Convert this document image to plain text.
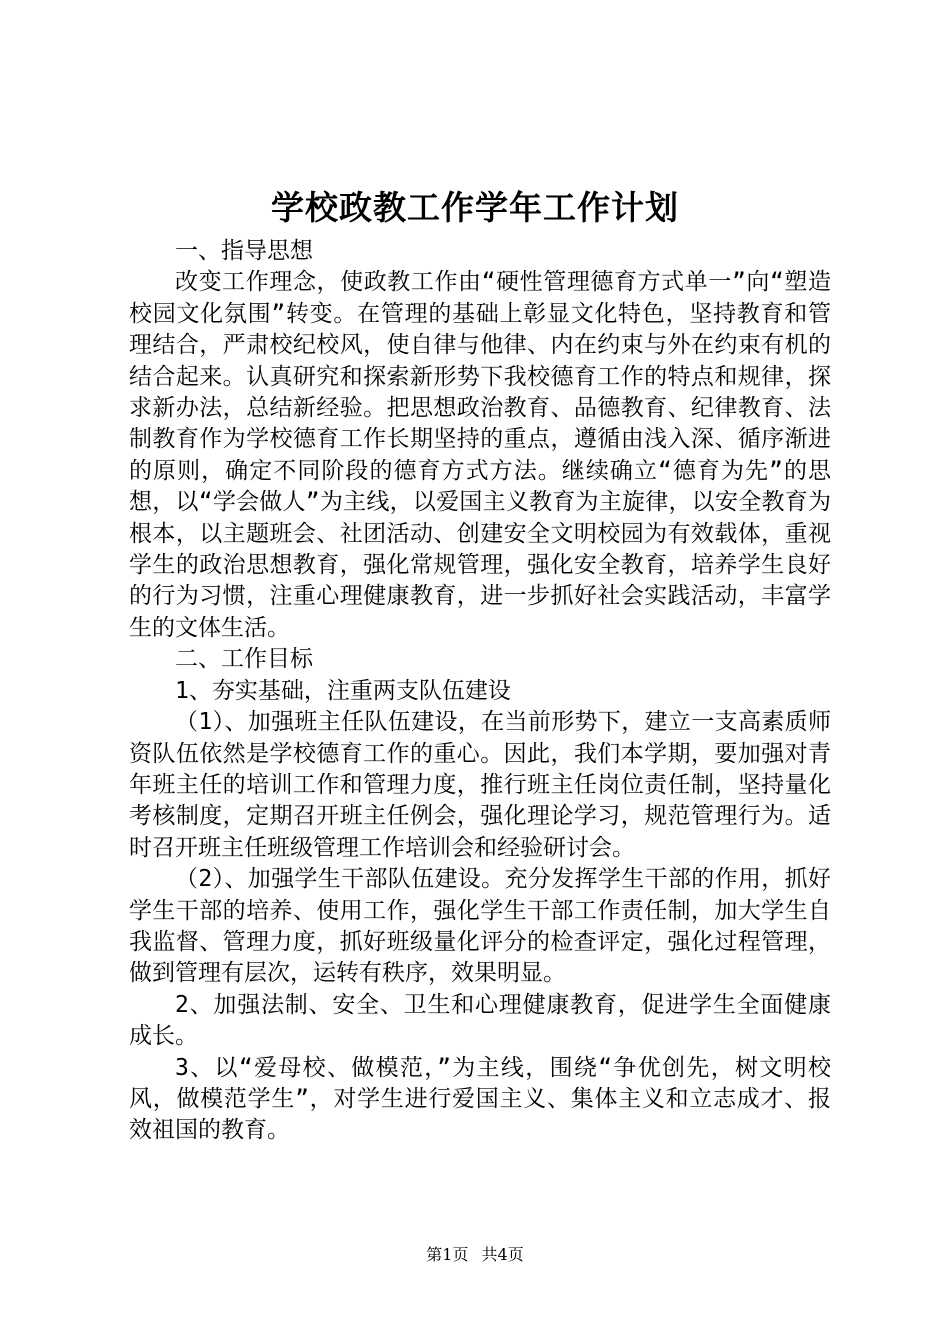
学校政教工作学年工作计划

一、指导思想

改变工作理念，使政教工作由“硬性管理德育方式单一”向“塑造校园文化氛围”转变。在管理的基础上彰显文化特色，坚持教育和管理结合，严肃校纪校风，使自律与他律、内在约束与外在约束有机的结合起来。认真研究和探索新形势下我校德育工作的特点和规律，探求新办法，总结新经验。把思想政治教育、品德教育、纪律教育、法制教育作为学校德育工作长期坚持的重点，遵循由浅入深、循序渐进的原则，确定不同阶段的德育方式方法。继续确立“德育为先”的思想，以“学会做人”为主线，以爱国主义教育为主旋律，以安全教育为根本，以主题班会、社团活动、创建安全文明校园为有效载体，重视学生的政治思想教育，强化常规管理，强化安全教育，培养学生良好的行为习惯，注重心理健康教育，进一步抓好社会实践活动，丰富学生的文体生活。

二、工作目标

1、夯实基础，注重两支队伍建设

（1）、加强班主任队伍建设，在当前形势下，建立一支高素质师资队伍依然是学校德育工作的重心。因此，我们本学期，要加强对青年班主任的培训工作和管理力度，推行班主任岗位责任制，坚持量化考核制度，定期召开班主任例会，强化理论学习，规范管理行为。适时召开班主任班级管理工作培训会和经验研讨会。

（2）、加强学生干部队伍建设。充分发挥学生干部的作用，抓好学生干部的培养、使用工作，强化学生干部工作责任制，加大学生自我监督、管理力度，抓好班级量化评分的检查评定，强化过程管理，做到管理有层次，运转有秩序，效果明显。

2、加强法制、安全、卫生和心理健康教育，促进学生全面健康成长。

3、以“爱母校、做模范，”为主线，围绕“争优创先，树文明校风，做模范学生”，对学生进行爱国主义、集体主义和立志成才、报效祖国的教育。

第1页 共4页
